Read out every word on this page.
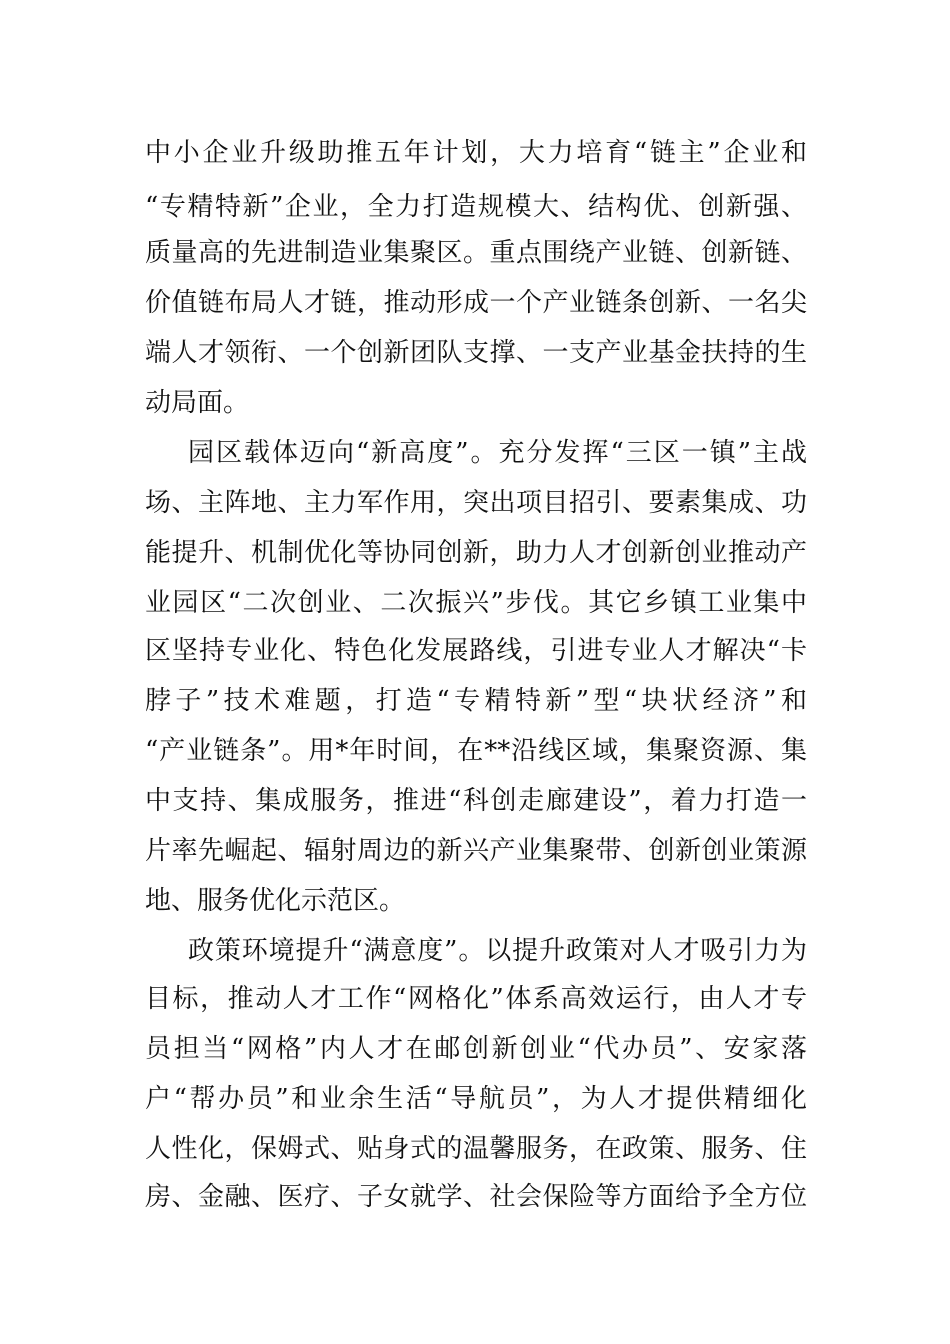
中小企业升级助推五年计划，大力培育“链主”企业和
“专精特新”企业，全力打造规模大、结构优、创新强、
质量高的先进制造业集聚区。重点围绕产业链、创新链、
价值链布局人才链，推动形成一个产业链条创新、一名尖
端人才领衔、一个创新团队支撑、一支产业基金扶持的生
动局面。
园区载体迈向“新高度”。充分发挥“三区一镇”主战
场、主阵地、主力军作用，突出项目招引、要素集成、功
能提升、机制优化等协同创新，助力人才创新创业推动产
业园区“二次创业、二次振兴”步伐。其它乡镇工业集中
区坚持专业化、特色化发展路线，引进专业人才解决“卡
脖子”技术难题，打造“专精特新”型“块状经济”和
“产业链条”。用*年时间，在**沿线区域，集聚资源、集
中支持、集成服务，推进“科创走廊建设”，着力打造一
片率先崛起、辐射周边的新兴产业集聚带、创新创业策源
地、服务优化示范区。
政策环境提升“满意度”。以提升政策对人才吸引力为
目标，推动人才工作“网格化”体系高效运行，由人才专
员担当“网格”内人才在邮创新创业“代办员”、安家落
户“帮办员”和业余生活“导航员”，为人才提供精细化
人性化，保姆式、贴身式的温馨服务，在政策、服务、住
房、金融、医疗、子女就学、社会保险等方面给予全方位
